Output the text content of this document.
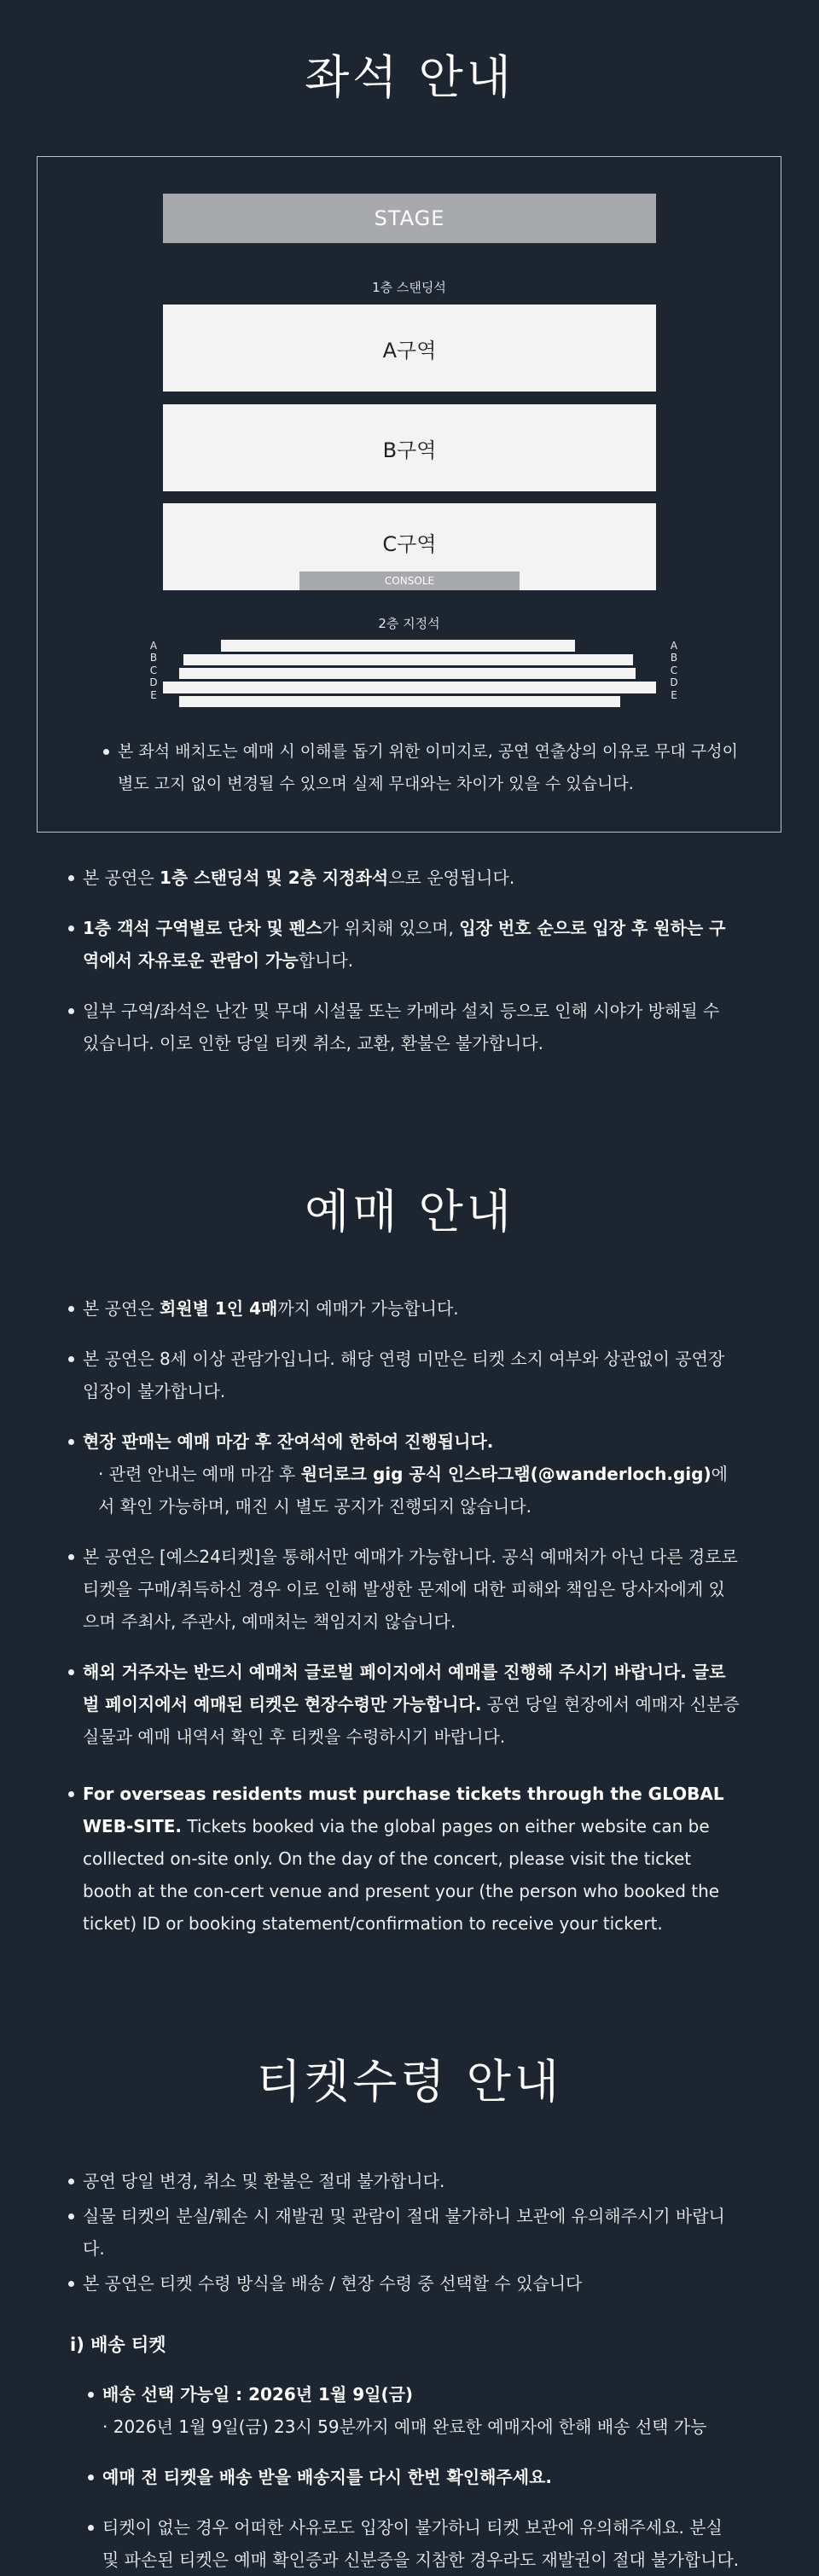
좌석 안내
STAGE
1층 스탠딩석
A구역
B구역
C구역
CONSOLE
2층 지정석
A
B
C
D
E
A
B
C
D
E
본 좌석 배치도는 예매 시 이해를 돕기 위한 이미지로, 공연 연출상의 이유로 무대 구성이 별도 고지 없이 변경될 수 있으며 실제 무대와는 차이가 있을 수 있습니다.
본 공연은 1층 스탠딩석 및 2층 지정좌석으로 운영됩니다.
1층 객석 구역별로 단차 및 펜스가 위치해 있으며, 입장 번호 순으로 입장 후 원하는 구역에서 자유로운 관람이 가능합니다.
일부 구역/좌석은 난간 및 무대 시설물 또는 카메라 설치 등으로 인해 시야가 방해될 수 있습니다. 이로 인한 당일 티켓 취소, 교환, 환불은 불가합니다.
예매 안내
본 공연은 회원별 1인 4매까지 예매가 가능합니다.
본 공연은 8세 이상 관람가입니다. 해당 연령 미만은 티켓 소지 여부와 상관없이 공연장 입장이 불가합니다.
현장 판매는 예매 마감 후 잔여석에 한하여 진행됩니다.
· 관련 안내는 예매 마감 후 원더로크 gig 공식 인스타그램(@wanderloch.gig)에서 확인 가능하며, 매진 시 별도 공지가 진행되지 않습니다.
본 공연은 [예스24티켓]을 통해서만 예매가 가능합니다. 공식 예매처가 아닌 다른 경로로 티켓을 구매/취득하신 경우 이로 인해 발생한 문제에 대한 피해와 책임은 당사자에게 있으며 주최사, 주관사, 예매처는 책임지지 않습니다.
해외 거주자는 반드시 예매처 글로벌 페이지에서 예매를 진행해 주시기 바랍니다. 글로벌 페이지에서 예매된 티켓은 현장수령만 가능합니다. 공연 당일 현장에서 예매자 신분증 실물과 예매 내역서 확인 후 티켓을 수령하시기 바랍니다.
For overseas residents must purchase tickets through the GLOBAL WEB-SITE. Tickets booked via the global pages on either website can be colllected on-site only. On the day of the concert, please visit the ticket booth at the con-cert venue and present your (the person who booked the ticket) ID or booking statement/confirmation to receive your tickert.
티켓수령 안내
공연 당일 변경, 취소 및 환불은 절대 불가합니다.
실물 티켓의 분실/훼손 시 재발권 및 관람이 절대 불가하니 보관에 유의해주시기 바랍니다.
본 공연은 티켓 수령 방식을 배송 / 현장 수령 중 선택할 수 있습니다
i) 배송 티켓
배송 선택 가능일 : 2026년 1월 9일(금)
· 2026년 1월 9일(금) 23시 59분까지 예매 완료한 예매자에 한해 배송 선택 가능
예매 전 티켓을 배송 받을 배송지를 다시 한번 확인해주세요.
티켓이 없는 경우 어떠한 사유로도 입장이 불가하니 티켓 보관에 유의해주세요. 분실 및 파손된 티켓은 예매 확인증과 신분증을 지참한 경우라도 재발권이 절대 불가합니다.
